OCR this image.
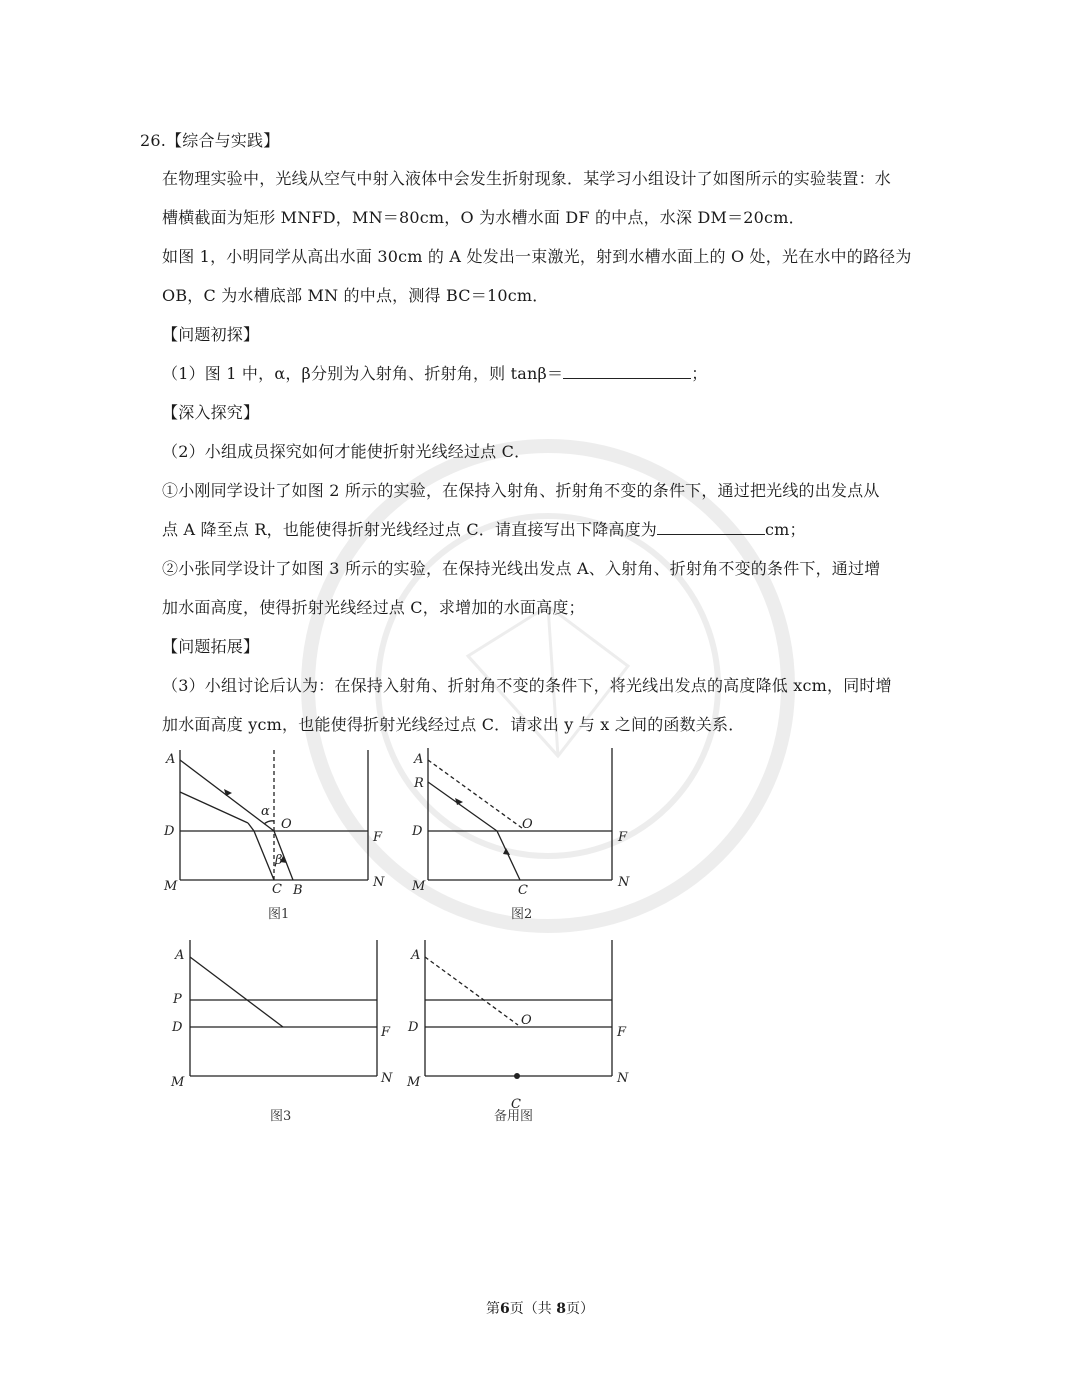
26.【综合与实践】
在物理实验中，光线从空气中射入液体中会发生折射现象．某学习小组设计了如图所示的实验装置：水
槽横截面为矩形 MNFD，MN＝80cm，O 为水槽水面 DF 的中点，水深 DM＝20cm．
如图 1，小明同学从高出水面 30cm 的 A 处发出一束激光，射到水槽水面上的 O 处，光在水中的路径为
OB，C 为水槽底部 MN 的中点，测得 BC＝10cm．
【问题初探】
（1）图 1 中，α，β分别为入射角、折射角，则 tanβ＝	；
【深入探究】
（2）小组成员探究如何才能使折射光线经过点 C．
①小刚同学设计了如图 2 所示的实验，在保持入射角、折射角不变的条件下，通过把光线的出发点从
点 A 降至点 R，也能使得折射光线经过点 C．请直接写出下降高度为	cm；
②小张同学设计了如图 3 所示的实验，在保持光线出发点 A、入射角、折射角不变的条件下，通过增
加水面高度，使得折射光线经过点 C，求增加的水面高度；
【问题拓展】
（3）小组讨论后认为：在保持入射角、折射角不变的条件下，将光线出发点的高度降低 xcm，同时增
加水面高度 ycm，也能使得折射光线经过点 C．请求出 y 与 x 之间的函数关系．
A
D
M
O
F
N
C B
α
β
图1
A
R
D
M
O
F
N
C
图2
A
P
D
M
F
N
图3
A
D
M
O
F
N
C
备用图
第6页（共 8页）
